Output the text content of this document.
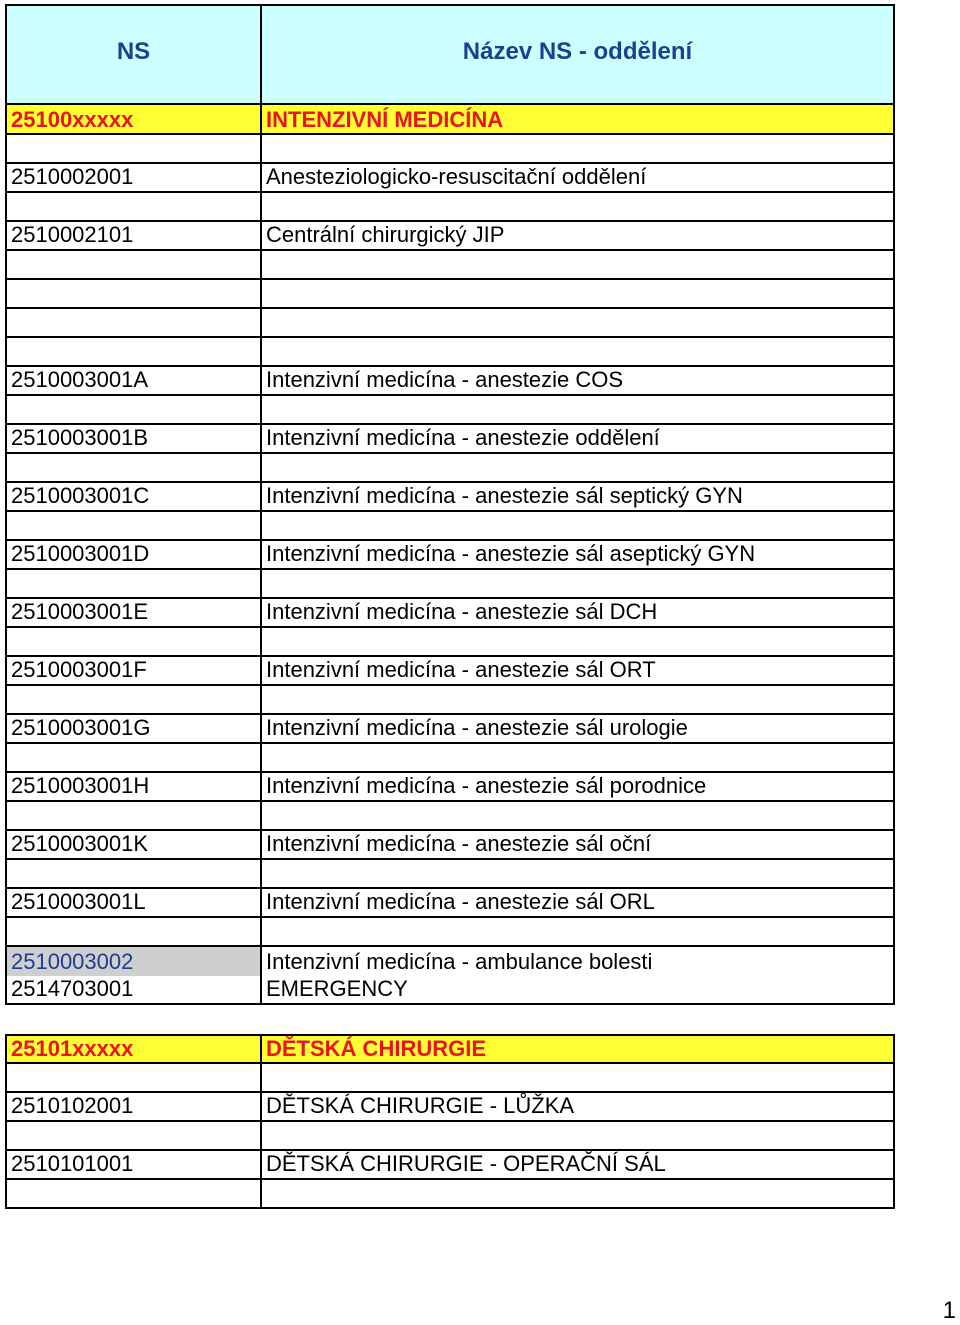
NS	Název NS - oddělení
25100xxxxx	INTENZIVNÍ MEDICÍNA
2510002001	Anesteziologicko-resuscitační oddělení
2510002101	Centrální chirurgický JIP
2510003001A	Intenzivní medicína - anestezie COS
2510003001B	Intenzivní medicína - anestezie oddělení
2510003001C	Intenzivní medicína - anestezie sál septický GYN
2510003001D	Intenzivní medicína - anestezie sál aseptický GYN
2510003001E	Intenzivní medicína - anestezie sál DCH
2510003001F	Intenzivní medicína - anestezie sál ORT
2510003001G	Intenzivní medicína - anestezie sál urologie
2510003001H	Intenzivní medicína - anestezie sál porodnice
2510003001K	Intenzivní medicína - anestezie sál oční
2510003001L	Intenzivní medicína - anestezie sál ORL
2510003002	Intenzivní medicína - ambulance bolesti
2514703001	EMERGENCY
25101xxxxx	DĚTSKÁ CHIRURGIE
2510102001	DĚTSKÁ CHIRURGIE - LŮŽKA
2510101001	DĚTSKÁ CHIRURGIE - OPERAČNÍ SÁL
1
